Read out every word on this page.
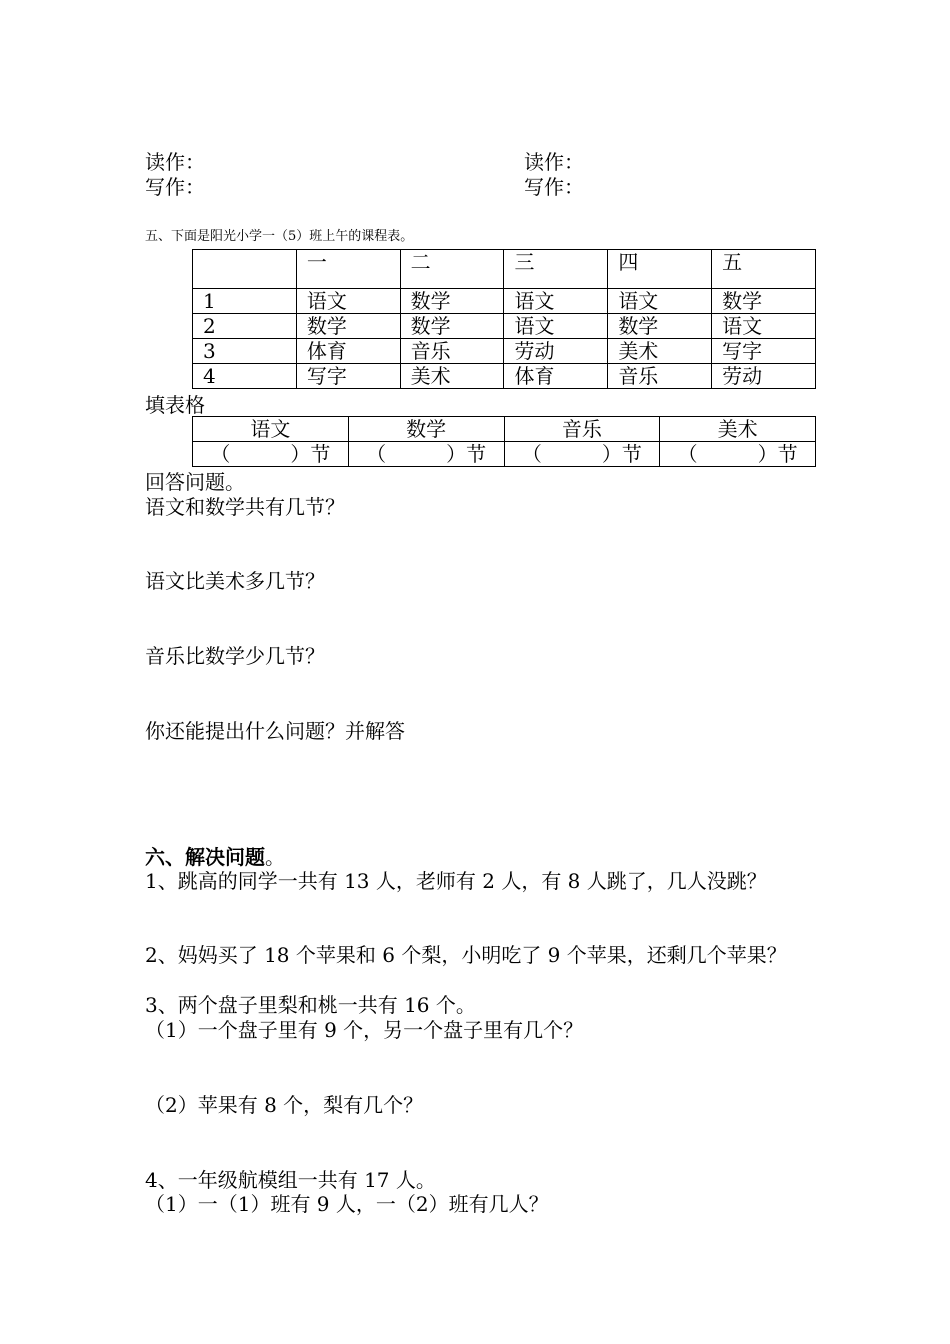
读作：
写作：
读作：
写作：
五、下面是阳光小学一（5）班上午的课程表。
	一	二	三	四	五
1	语文	数学	语文	语文	数学
2	数学	数学	语文	数学	语文
3	体育	音乐	劳动	美术	写字
4	写字	美术	体育	音乐	劳动
填表格
语文	数学	音乐	美术
（　　　）节	（　　　）节	（　　　）节	（　　　）节
回答问题。
语文和数学共有几节？
语文比美术多几节？
音乐比数学少几节？
你还能提出什么问题？并解答
六、解决问题。
1、跳高的同学一共有 13 人，老师有 2 人，有 8 人跳了，几人没跳？
2、妈妈买了 18 个苹果和 6 个梨，小明吃了 9 个苹果，还剩几个苹果？
3、两个盘子里梨和桃一共有 16 个。
（1）一个盘子里有 9 个，另一个盘子里有几个？
（2）苹果有 8 个，梨有几个？
4、一年级航模组一共有 17 人。
（1）一（1）班有 9 人，一（2）班有几人？
